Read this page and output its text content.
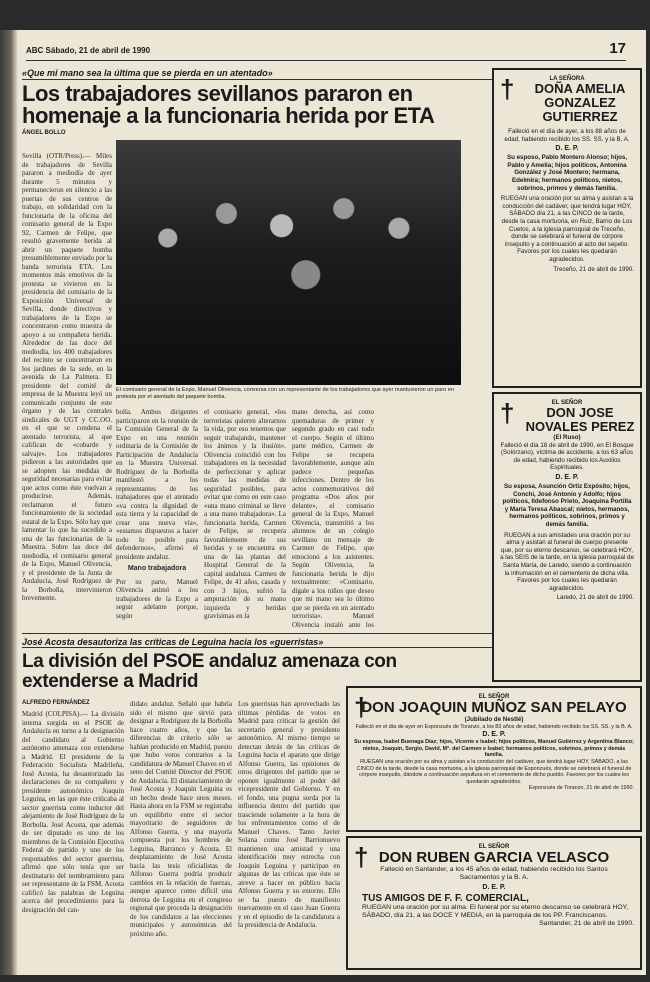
ABC Sábado, 21 de abril de 1990	17
«Que mi mano sea la última que se pierda en un atentado»
Los trabajadores sevillanos pararon en homenaje a la funcionaria herida por ETA
ÁNGEL BOLLO
Sevilla (OTR/Press).— Miles de trabajadores de Sevilla pararon a mediodía de ayer durante 5 minutos y permanecieron en silencio a las puertas de sus centros de trabajo, en solidaridad con la funcionaria de la oficina del comisario general de la Expo 92, Carmen de Felipe, que resultó gravemente herida al abrir un paquete bomba presumiblemente enviado por la banda terrorista ETA. Los momentos más emotivos de la protesta se vivieron en la presidencia del comisario de la Exposición Universal de Sevilla, donde directivos y trabajadores de la Expo se concentraron como muestra de apoyo a su compañera herida. Alrededor de las doce del mediodía, los 400 trabajadores del recinto se concentraron en los jardines de la sede, en la avenida de La Palmera. El presidente del comité de empresa de la Muestra leyó un comunicado conjunto de este órgano y de las centrales sindicales de UGT y CC.OO. en el que se condena el atentado terrorista, al que califican de «cobarde y salvaje». Los trabajadores pidieron a las autoridades que se adopten las medidas de seguridad necesarias para evitar que actos como éste vuelvan a producirse. Además, reclamaron el futuro funcionamiento de la sociedad estatal de la Expo. Sólo hay que lamentar lo que ha sucedido a una de las funcionarias de la Muestra. Sobre las doce del mediodía, el comisario general de la Expo, Manuel Olivencia, y el presidente de la Junta de Andalucía, José Rodríguez de la Borbolla, intervinieron brevemente.
El comisario general de la Expo, Manuel Olivencia, conversa con un representante de los trabajadores que ayer mantuvieron un paro en protesta por el atentado del paquete bomba.
bolla. Ambos dirigentes participaron en la reunión de la Comisión General de la Expo en una reunión ordinaria de la Comisión de Participación de Andalucía en la Muestra Universal. Rodríguez de la Borbolla manifestó a los representantes de los trabajadores que el atentado «va contra la dignidad de esta tierra y la capacidad de crear una nueva vía», «estamos dispuestos a hacer todo lo posible para defendernos», afirmó el presidente andaluz.
Mano trabajadora
Por su parte, Manuel Olivencia animó a los trabajadores de la Expo a seguir adelante porque, según
el comisario general, «los terroristas quieren alterarnos la vida, por eso tenemos que seguir trabajando, mantener los ánimos y la ilusión». Olivencia coincidió con los trabajadores en la necesidad de perfeccionar y aplicar todas las medidas de seguridad posibles, para evitar que como en este caso «una mano criminal se lleve a una mano trabajadora». La funcionaria herida, Carmen de Felipe, se recupera favorablemente de sus heridas y se encuentra en una de las plantas del Hospital General de la capital andaluza. Carmen de Felipe, de 41 años, casada y con 3 hijos, sufrió la amputación de su mano izquierda y heridas gravísimas en la
mano derecha, así como quemaduras de primer y segundo grado en casi todo el cuerpo. Según el último parte médico, Carmen de Felipe se recupera favorablemente, aunque aún padece pequeñas infecciones. Dentro de los actos conmemorativos del programa «Dos años por delante», el comisario general de la Expo, Manuel Olivencia, transmitió a los alumnos de un colegio sevillano un mensaje de Carmen de Felipe, que emocionó a los asistentes. Según Olivencia, la funcionaria herida le dijo textualmente: «Comisario, dígale a los niños que deseo que mi mano sea lo último que se pierda en un atentado terrorista». Manuel Olivencia instaló ante los
José Acosta desautoriza las críticas de Leguina hacia los «guerristas»
La división del PSOE andaluz amenaza con extenderse a Madrid
ALFREDO FERNÁNDEZ
Madrid (COLPISA).— La división interna surgida en el PSOE de Andalucía en torno a la designación del candidato al Gobierno autónomo amenaza con extenderse a Madrid. El presidente de la Federación Socialista Madrileña, José Acosta, ha desautorizado las declaraciones de su compañero y presidente autonómico Joaquín Leguina, en las que éste criticaba al sector guerrista como inductor del alejamiento de José Rodríguez de la Borbolla. José Acosta, que además de ser diputado es uno de los miembros de la Comisión Ejecutiva Federal de partido y uno de los responsables del sector guerrista, afirmó que sólo tenía que ser destinatario del nombramiento para ser representante de la FSM. Acosta calificó las palabras de Leguina acerca del procedimiento para la designación del can-
didato andaluz. Señaló que habría sido el mismo que sirvió para designar a Rodríguez de la Borbolla hace cuatro años, y que las diferencias de criterio sólo se habían producido en Madrid, puesto que hubo votos contrarios a la candidatura de Manuel Chaves en el seno del Comité Director del PSOE de Andalucía. El distanciamiento de José Acosta y Joaquín Leguina es un hecho desde hace unos meses. Hasta ahora en la FSM se registraba un equilibrio entre el sector mayoritario de seguidores de Alfonso Guerra, y una mayoría compuesta por los hombres de Leguina, Barranco y Acosta. El desplazamiento de José Acosta hacia las tesis oficialistas de Alfonso Guerra podría producir cambios en la relación de fuerzas, aunque aparece como difícil una derrota de Leguina en el congreso regional que proceda la designación de los candidatos a las elecciones municipales y autonómicas del próximo año.
Los guerristas han aprovechado las últimas pérdidas de votos en Madrid para criticar la gestión del secretario general y presidente autonómico. Al mismo tiempo se detectan detrás de las críticas de Leguina hacia el aparato que dirige Alfonso Guerra, las opiniones de otros dirigentes del partido que se oponen igualmente al poder del vicepresidente del Gobierno. Y en el fondo, una pugna sorda por la influencia dentro del partido que trasciende solamente a la hora de los enfrentamientos como el de Manuel Chaves. Tanto Javier Solana como José Barrionuevo mantienen una amistad y una identificación muy estrecha con Joaquín Leguina y participan en algunas de las críticas que éste se atreve a hacer en público hacia Alfonso Guerra y su entorno. Ello se ha puesto de manifiesto nuevamente en el caso Juan Guerra y en el episodio de la candidatura a la presidencia de Andalucía.
†	LA SEÑORA
DOÑA AMELIA GONZALEZ GUTIERREZ
Falleció en el día de ayer, a los 88 años de edad, habiendo recibido los SS. SS. y la B. A.
D. E. P.
Su esposo, Pablo Montero Alonso; hijos, Pablo y Amelia; hijos políticos, Antonina González y José Montero; hermana, Edelmira; hermanos políticos, nietos, sobrinos, primos y demás familia.
RUEGAN una oración por su alma y asistan a la conducción del cadáver, que tendrá lugar HOY, SÁBADO día 21, a las CINCO de la tarde, desde la casa mortuoria, en Ruiz, Barrio de Los Cuetos, a la iglesia parroquial de Treceño, donde se celebrará el funeral de córpore insepulto y a continuación al acto del sepelio. Favores por los cuales les quedarán agradecidos.
Treceño, 21 de abril de 1990.
†	EL SEÑOR
DON JOSE NOVALES PEREZ
(El Ruso)
Falleció el día 18 de abril de 1990, en El Bosque (Solórzano), víctima de accidente, a los 63 años de edad, habiendo recibido los Auxilios Espirituales.
D. E. P.
Su esposa, Asunción Ortiz Expósito; hijos, Conchi, José Antonio y Adolfo; hijos políticos, Ildefonso Prieto, Joaquina Portilla y María Teresa Abascal; nietos, hermanos, hermanos políticos, sobrinos, primos y demás familia.
RUEGAN a sus amistades una oración por su alma y asistan al funeral de cuerpo presente que, por su eterno descanso, se celebrará HOY, a las SEIS de la tarde, en la iglesia parroquial de Santa María, de Laredo, siendo a continuación la inhumación en el cementerio de dicha villa. Favores por los cuales les quedarán agradecidos.
Laredo, 21 de abril de 1990.
†	EL SEÑOR
DON JOAQUIN MUÑOZ SAN PELAYO
(Jubilado de Nestlé)
Falleció en el día de ayer en Esponzués de Toranzo, a los 83 años de edad, habiendo recibido los SS. SS. y la B. A.
D. E. P.
Su esposa, Isabel Buenaga Díaz; hijos, Vicente e Isabel; hijos políticos, Manuel Gutiérrez y Argentina Blanco; nietos, Joaquín, Sergio, David, Mª. del Carmen e Isabel; hermanos políticos, sobrinos, primos y demás familia.
RUEGAN una oración por su alma y asistan a la conducción del cadáver, que tendrá lugar HOY, SÁBADO, a las CINCO de la tarde, desde la casa mortuoria, a la iglesia parroquial de Esponzués, donde se celebrará el funeral de córpore insepulto, dándole a continuación sepultura en el cementerio de dicho pueblo. Favores por los cuales les quedarán agradecidos.
Esponzués de Toranzo, 21 de abril de 1990.
†	EL SEÑOR
DON RUBEN GARCIA VELASCO
Falleció en Santander, a los 45 años de edad, habiendo recibido los Santos Sacramentos y la B. A.
D. E. P.
TUS AMIGOS DE F. F. COMERCIAL,
RUEGAN una oración por su alma. El funeral por su eterno descanso se celebrará HOY, SÁBADO, día 21, a las DOCE Y MEDIA, en la parroquia de los PP. Franciscanos.
Santander, 21 de abril de 1990.
